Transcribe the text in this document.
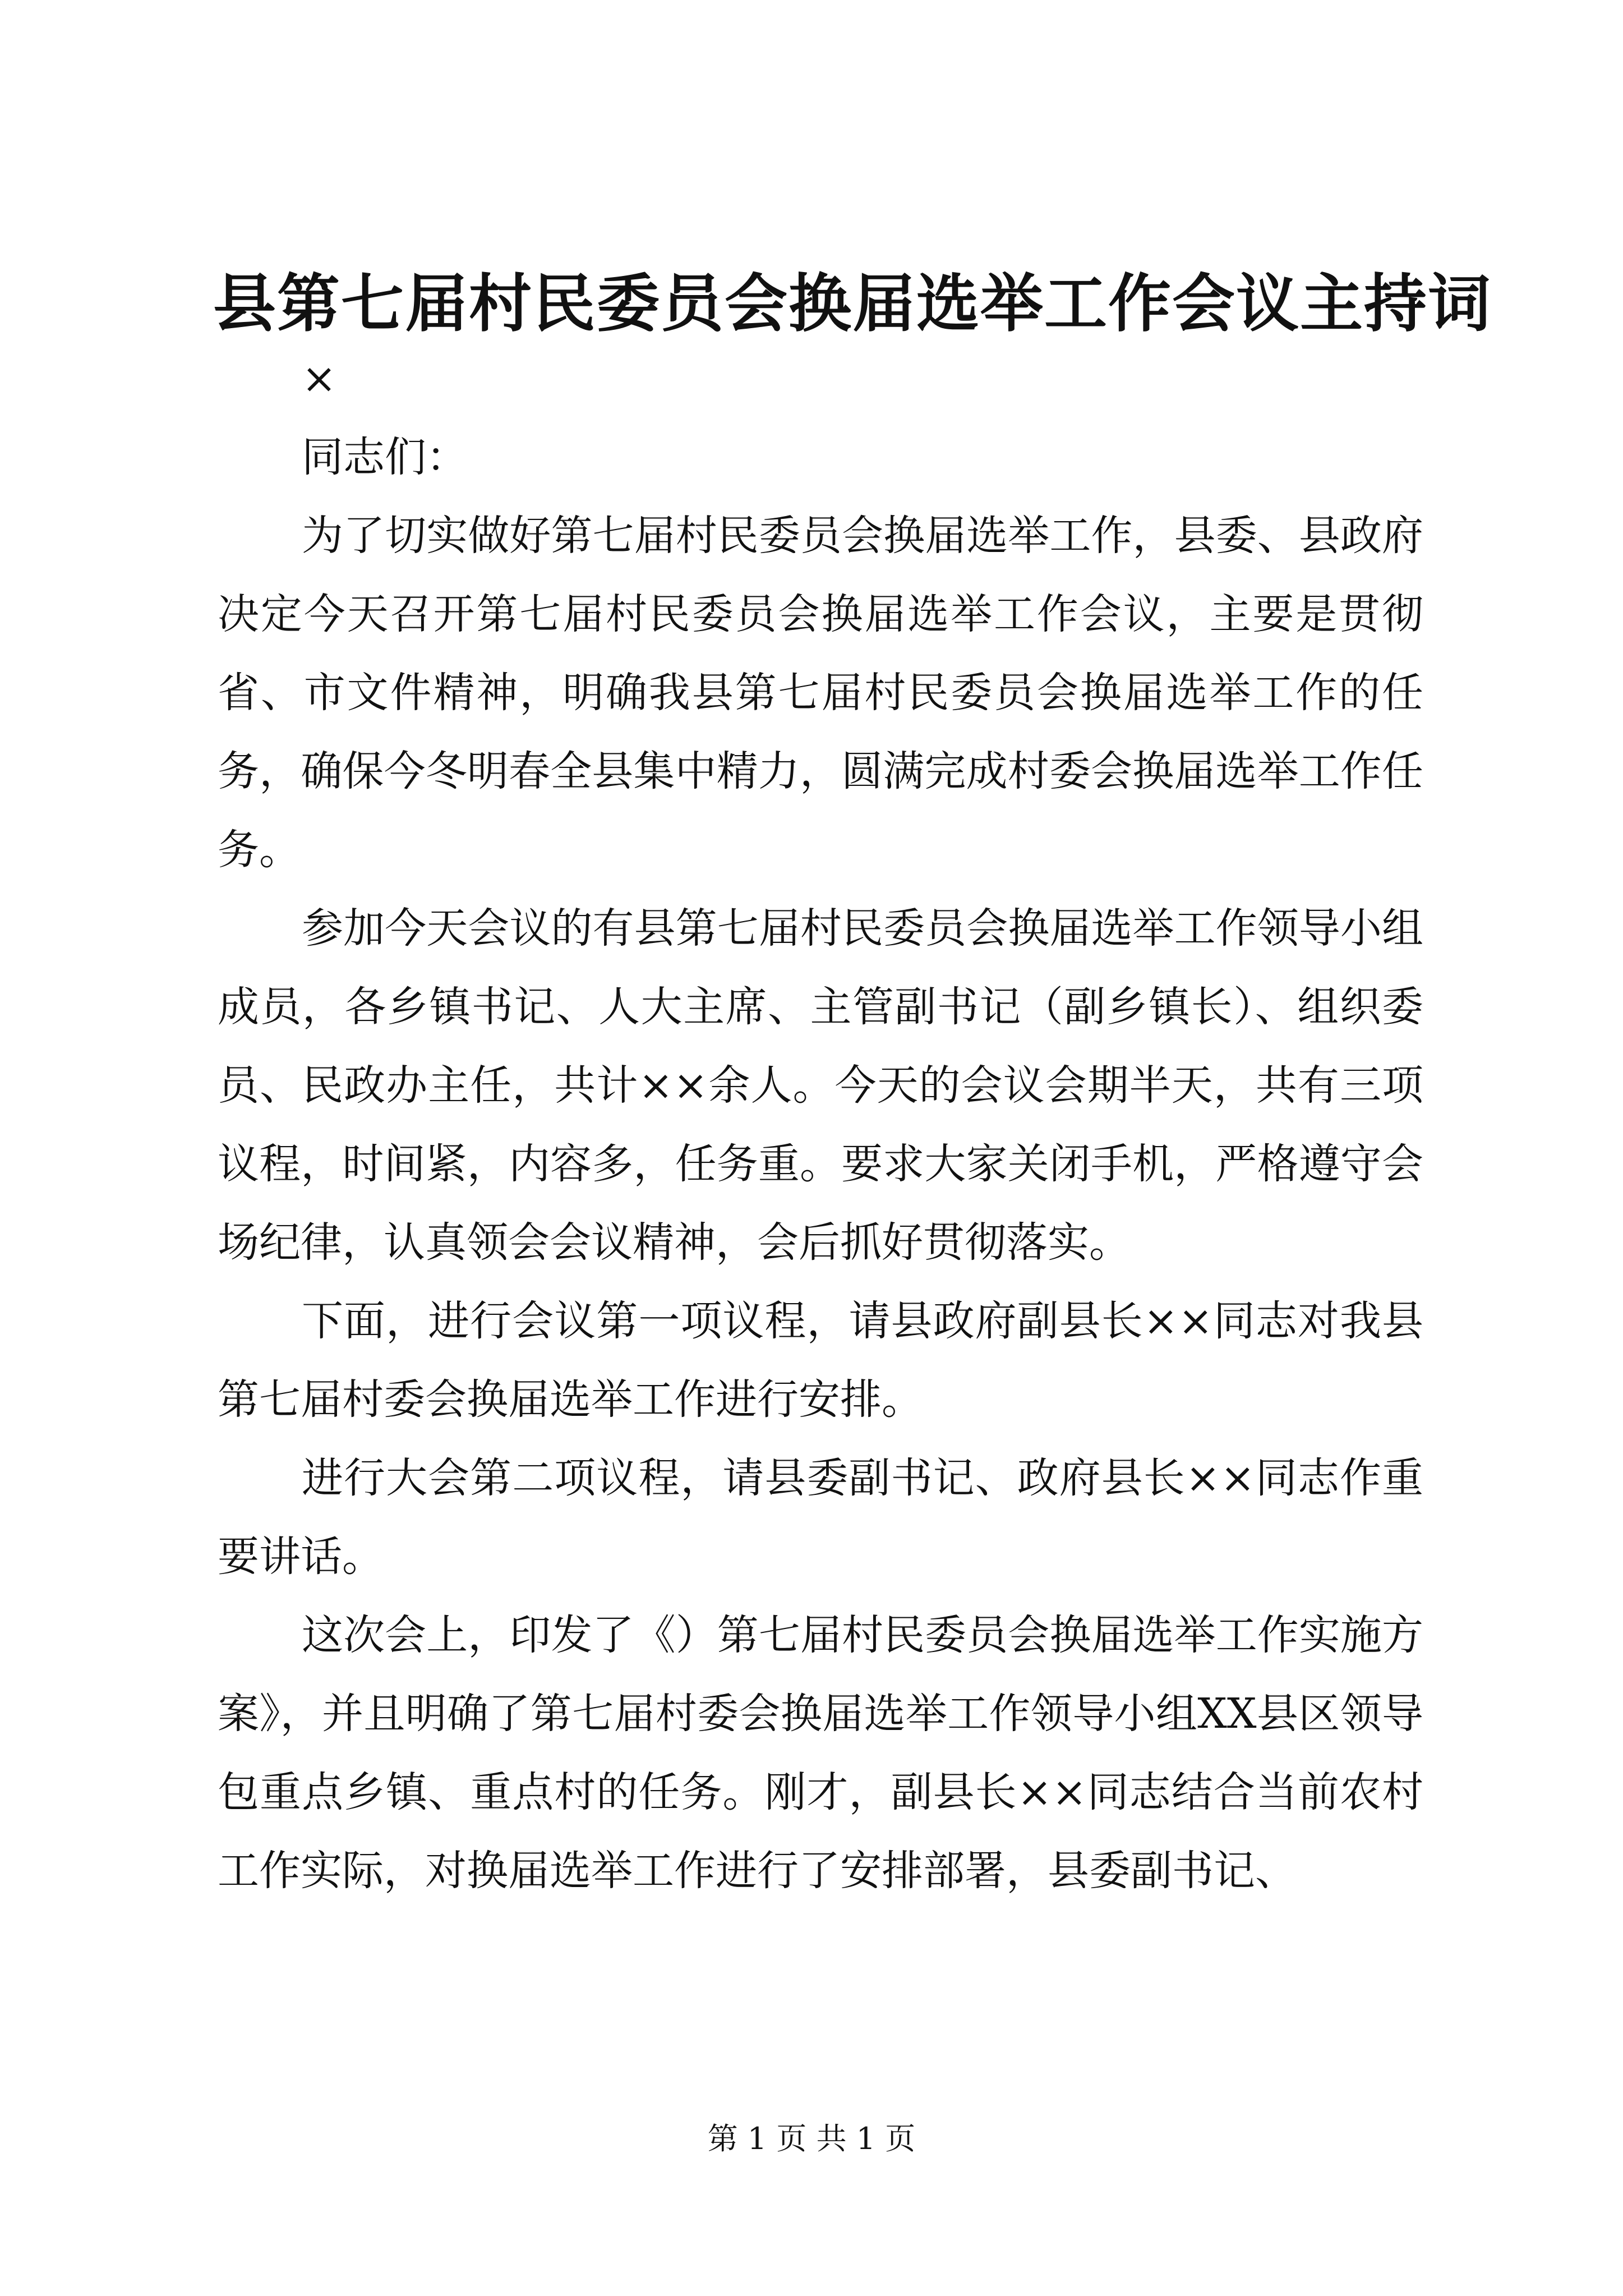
县第七届村民委员会换届选举工作会议主持词
×

同志们：

为了切实做好第七届村民委员会换届选举工作，县委、县政府决定今天召开第七届村民委员会换届选举工作会议，主要是贯彻省、市文件精神，明确我县第七届村民委员会换届选举工作的任务，确保今冬明春全县集中精力，圆满完成村委会换届选举工作任务。

参加今天会议的有县第七届村民委员会换届选举工作领导小组成员，各乡镇书记、人大主席、主管副书记（副乡镇长）、组织委员、民政办主任，共计××余人。今天的会议会期半天，共有三项议程，时间紧，内容多，任务重。要求大家关闭手机，严格遵守会场纪律，认真领会会议精神，会后抓好贯彻落实。

下面，进行会议第一项议程，请县政府副县长××同志对我县第七届村委会换届选举工作进行安排。

进行大会第二项议程，请县委副书记、政府县长××同志作重要讲话。

这次会上，印发了《）第七届村民委员会换届选举工作实施方案》，并且明确了第七届村委会换届选举工作领导小组XX县区领导包重点乡镇、重点村的任务。刚才，副县长××同志结合当前农村工作实际，对换届选举工作进行了安排部署，县委副书记、

第 1 页 共 1 页
